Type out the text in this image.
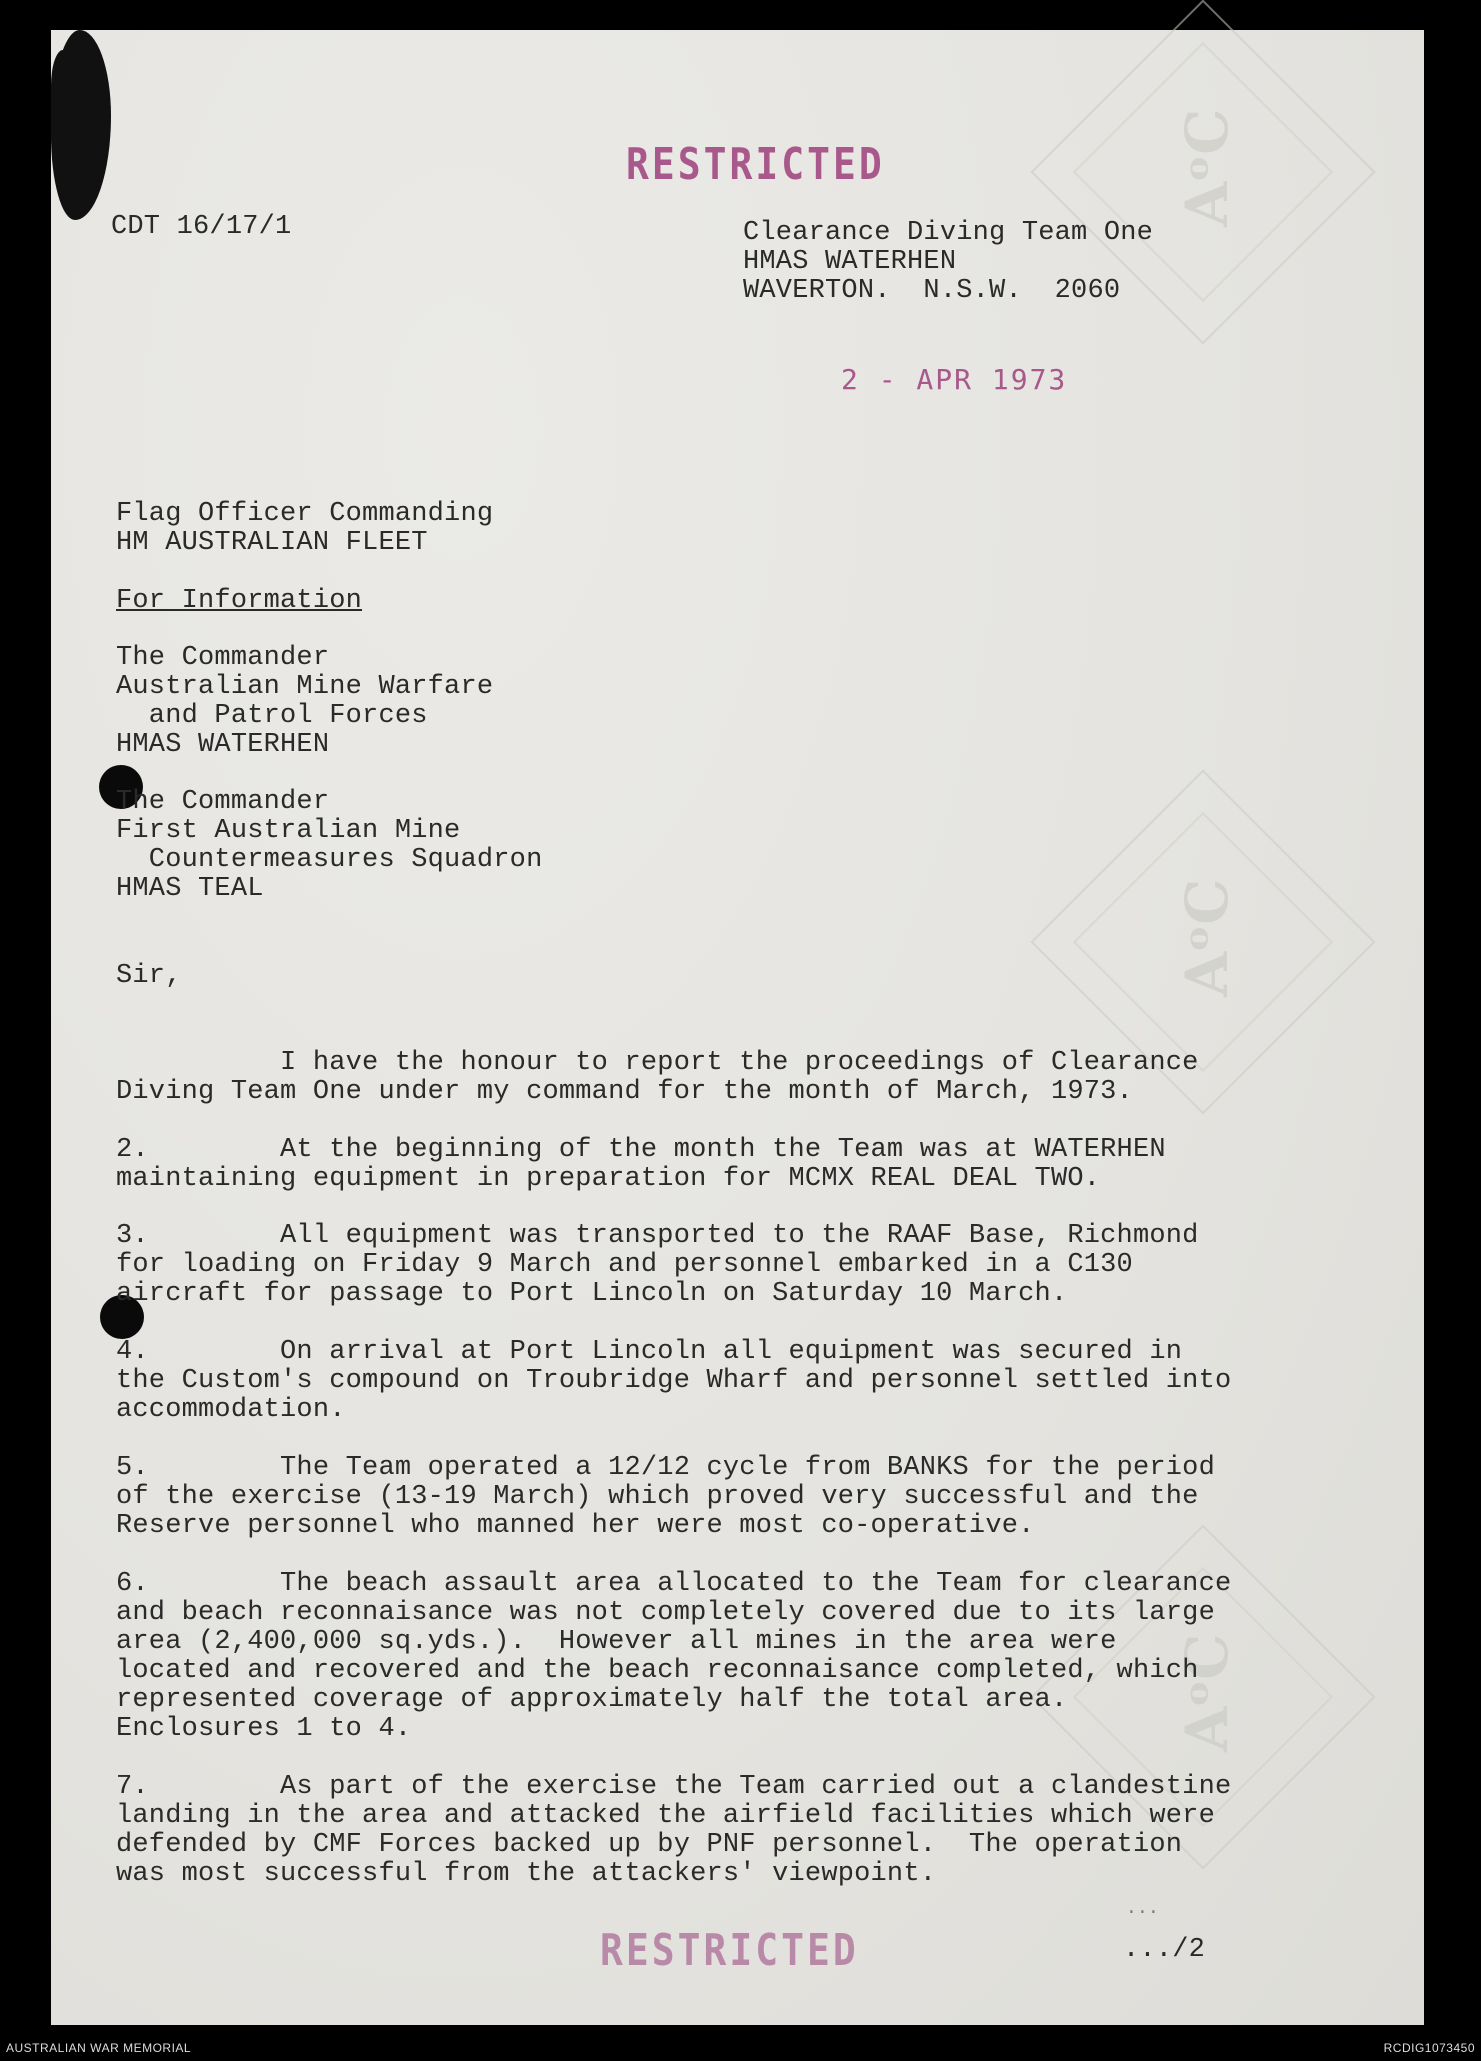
AᵒC
AᵒC
AᵒC
RESTRICTED
2 - APR 1973
RESTRICTED
CDT 16/17/1	Clearance Diving Team One
HMAS WATERHEN
WAVERTON.  N.S.W.  2060
Flag Officer Commanding
HM AUSTRALIAN FLEET
For Information
The Commander
Australian Mine Warfare
and Patrol Forces
HMAS WATERHEN
The Commander
First Australian Mine
Countermeasures Squadron
HMAS TEAL
Sir,
I have the honour to report the proceedings of Clearance
Diving Team One under my command for the month of March, 1973.
2.        At the beginning of the month the Team was at WATERHEN
maintaining equipment in preparation for MCMX REAL DEAL TWO.
3.        All equipment was transported to the RAAF Base, Richmond
for loading on Friday 9 March and personnel embarked in a C130
aircraft for passage to Port Lincoln on Saturday 10 March.
4.        On arrival at Port Lincoln all equipment was secured in
the Custom's compound on Troubridge Wharf and personnel settled into
accommodation.
5.        The Team operated a 12/12 cycle from BANKS for the period
of the exercise (13-19 March) which proved very successful and the
Reserve personnel who manned her were most co-operative.
6.        The beach assault area allocated to the Team for clearance
and beach reconnaisance was not completely covered due to its large
area (2,400,000 sq.yds.).  However all mines in the area were
located and recovered and the beach reconnaisance completed, which
represented coverage of approximately half the total area.
Enclosures 1 to 4.
7.        As part of the exercise the Team carried out a clandestine
landing in the area and attacked the airfield facilities which were
defended by CMF Forces backed up by PNF personnel.  The operation
was most successful from the attackers' viewpoint.
...
.../2
AUSTRALIAN WAR MEMORIAL	RCDIG1073450
